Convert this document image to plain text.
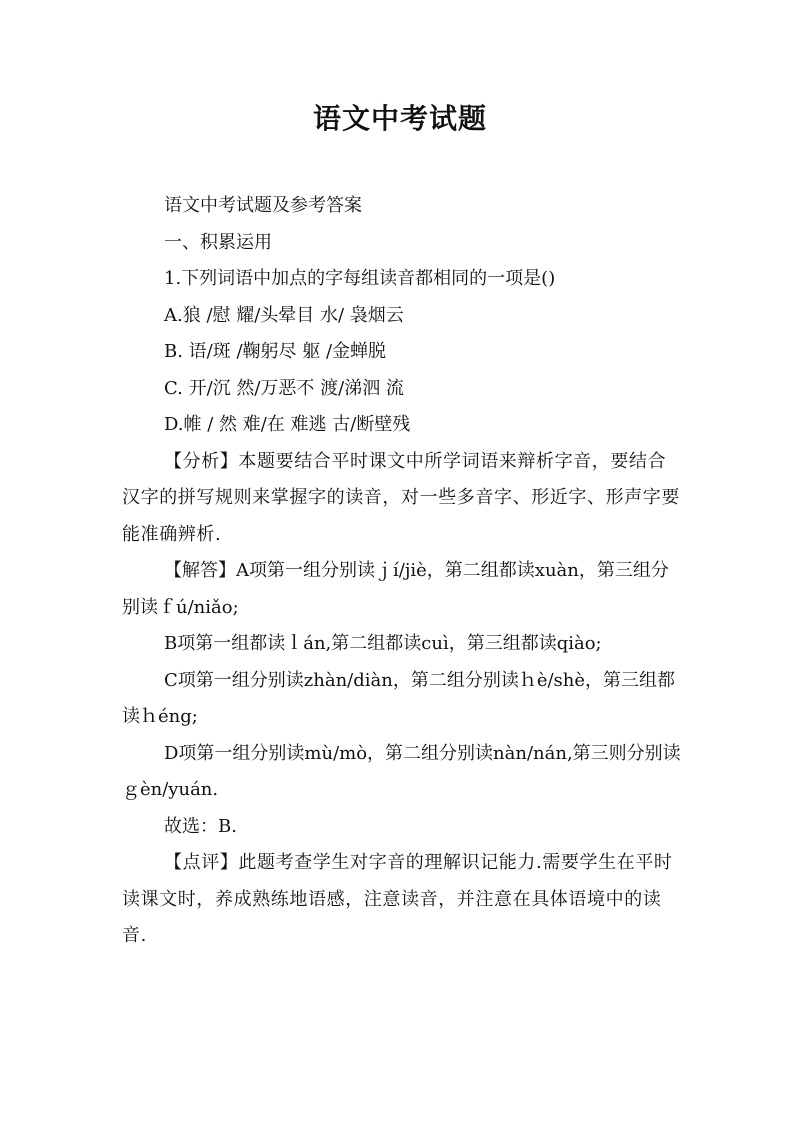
语文中考试题

语文中考试题及参考答案

一、积累运用

1.下列词语中加点的字每组读音都相同的一项是()

A.狼 /慰 耀/头晕目 水/ 袅烟云

B. 语/斑 /鞠躬尽 躯 /金蝉脱

C. 开/沉 然/万恶不 渡/涕泗 流

D.帷 / 然 难/在 难逃 古/断壁残

【分析】本题要结合平时课文中所学词语来辩析字音，要结合汉字的拼写规则来掌握字的读音，对一些多音字、形近字、形声字要能准确辨析.

【解答】A项第一组分别读ｊí/jiè，第二组都读xuàn，第三组分别读ｆú/niǎo;

B项第一组都读ｌán,第二组都读cuì，第三组都读qiào;

C项第一组分别读zhàn/diàn，第二组分别读ｈè/shè，第三组都读ｈéng;

D项第一组分别读mù/mò，第二组分别读nàn/nán,第三则分别读ｇèn/yuán.

故选：B.

【点评】此题考查学生对字音的理解识记能力.需要学生在平时读课文时，养成熟练地语感，注意读音，并注意在具体语境中的读音.
